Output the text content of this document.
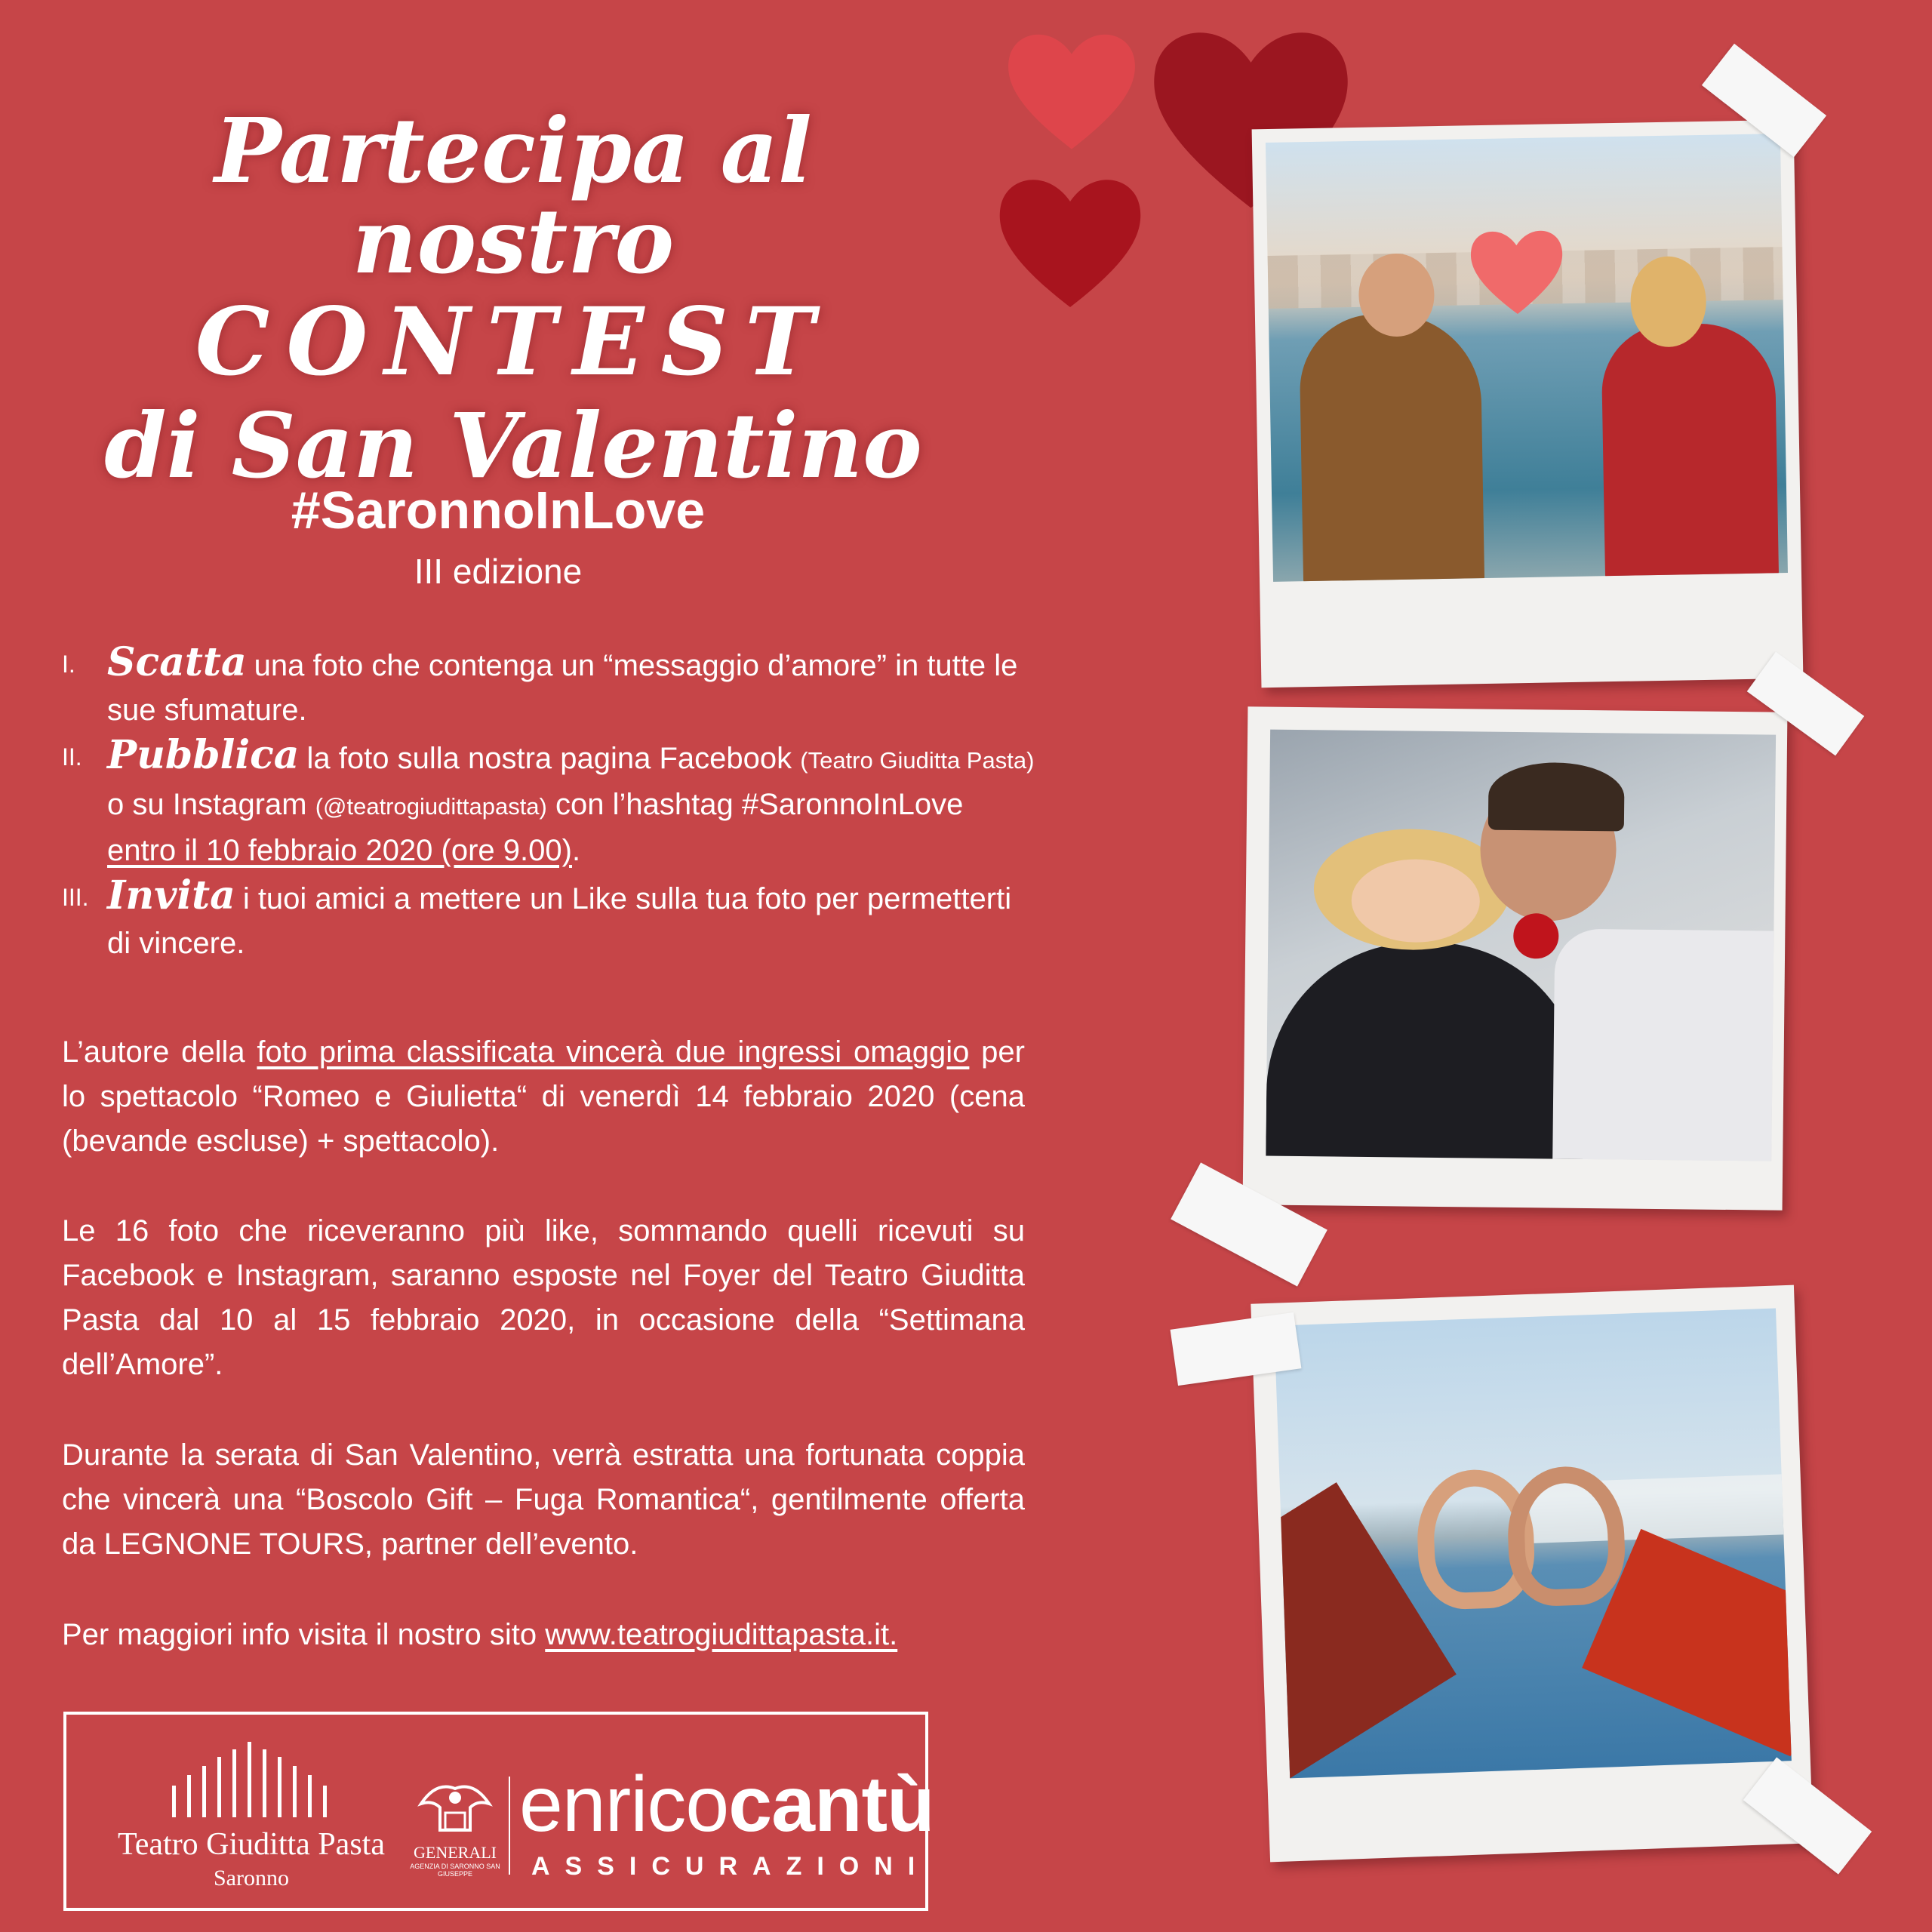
Partecipa al nostro
CONTEST
di San Valentino
#SaronnoInLove
III edizione
I. Scatta una foto che contenga un “messaggio d’amore” in tutte le sue sfumature.
II. Pubblica la foto sulla nostra pagina Facebook (Teatro Giuditta Pasta) o su Instagram (@teatrogiudittapasta) con l’hashtag #SaronnoInLove entro il 10 febbraio 2020 (ore 9.00).
III. Invita i tuoi amici a mettere un Like sulla tua foto per permetterti di vincere.
L’autore della foto prima classificata vincerà due ingressi omaggio per lo spettacolo “Romeo e Giulietta“ di venerdì 14 febbraio 2020 (cena (bevande escluse) + spettacolo).
Le 16 foto che riceveranno più like, sommando quelli ricevuti su Facebook e Instagram, saranno esposte nel Foyer del Teatro Giuditta Pasta dal 10 al 15 febbraio 2020, in occasione della “Settimana dell’Amore”.
Durante la serata di San Valentino, verrà estratta una fortunata coppia che vincerà una “Boscolo Gift – Fuga Romantica“, gentilmente offerta da LEGNONE TOURS, partner dell’evento.
Per maggiori info visita il nostro sito www.teatrogiudittapasta.it.
Teatro Giuditta Pasta
Saronno
GENERALI
AGENZIA DI SARONNO SAN GIUSEPPE
enricocantù
ASSICURAZIONI
